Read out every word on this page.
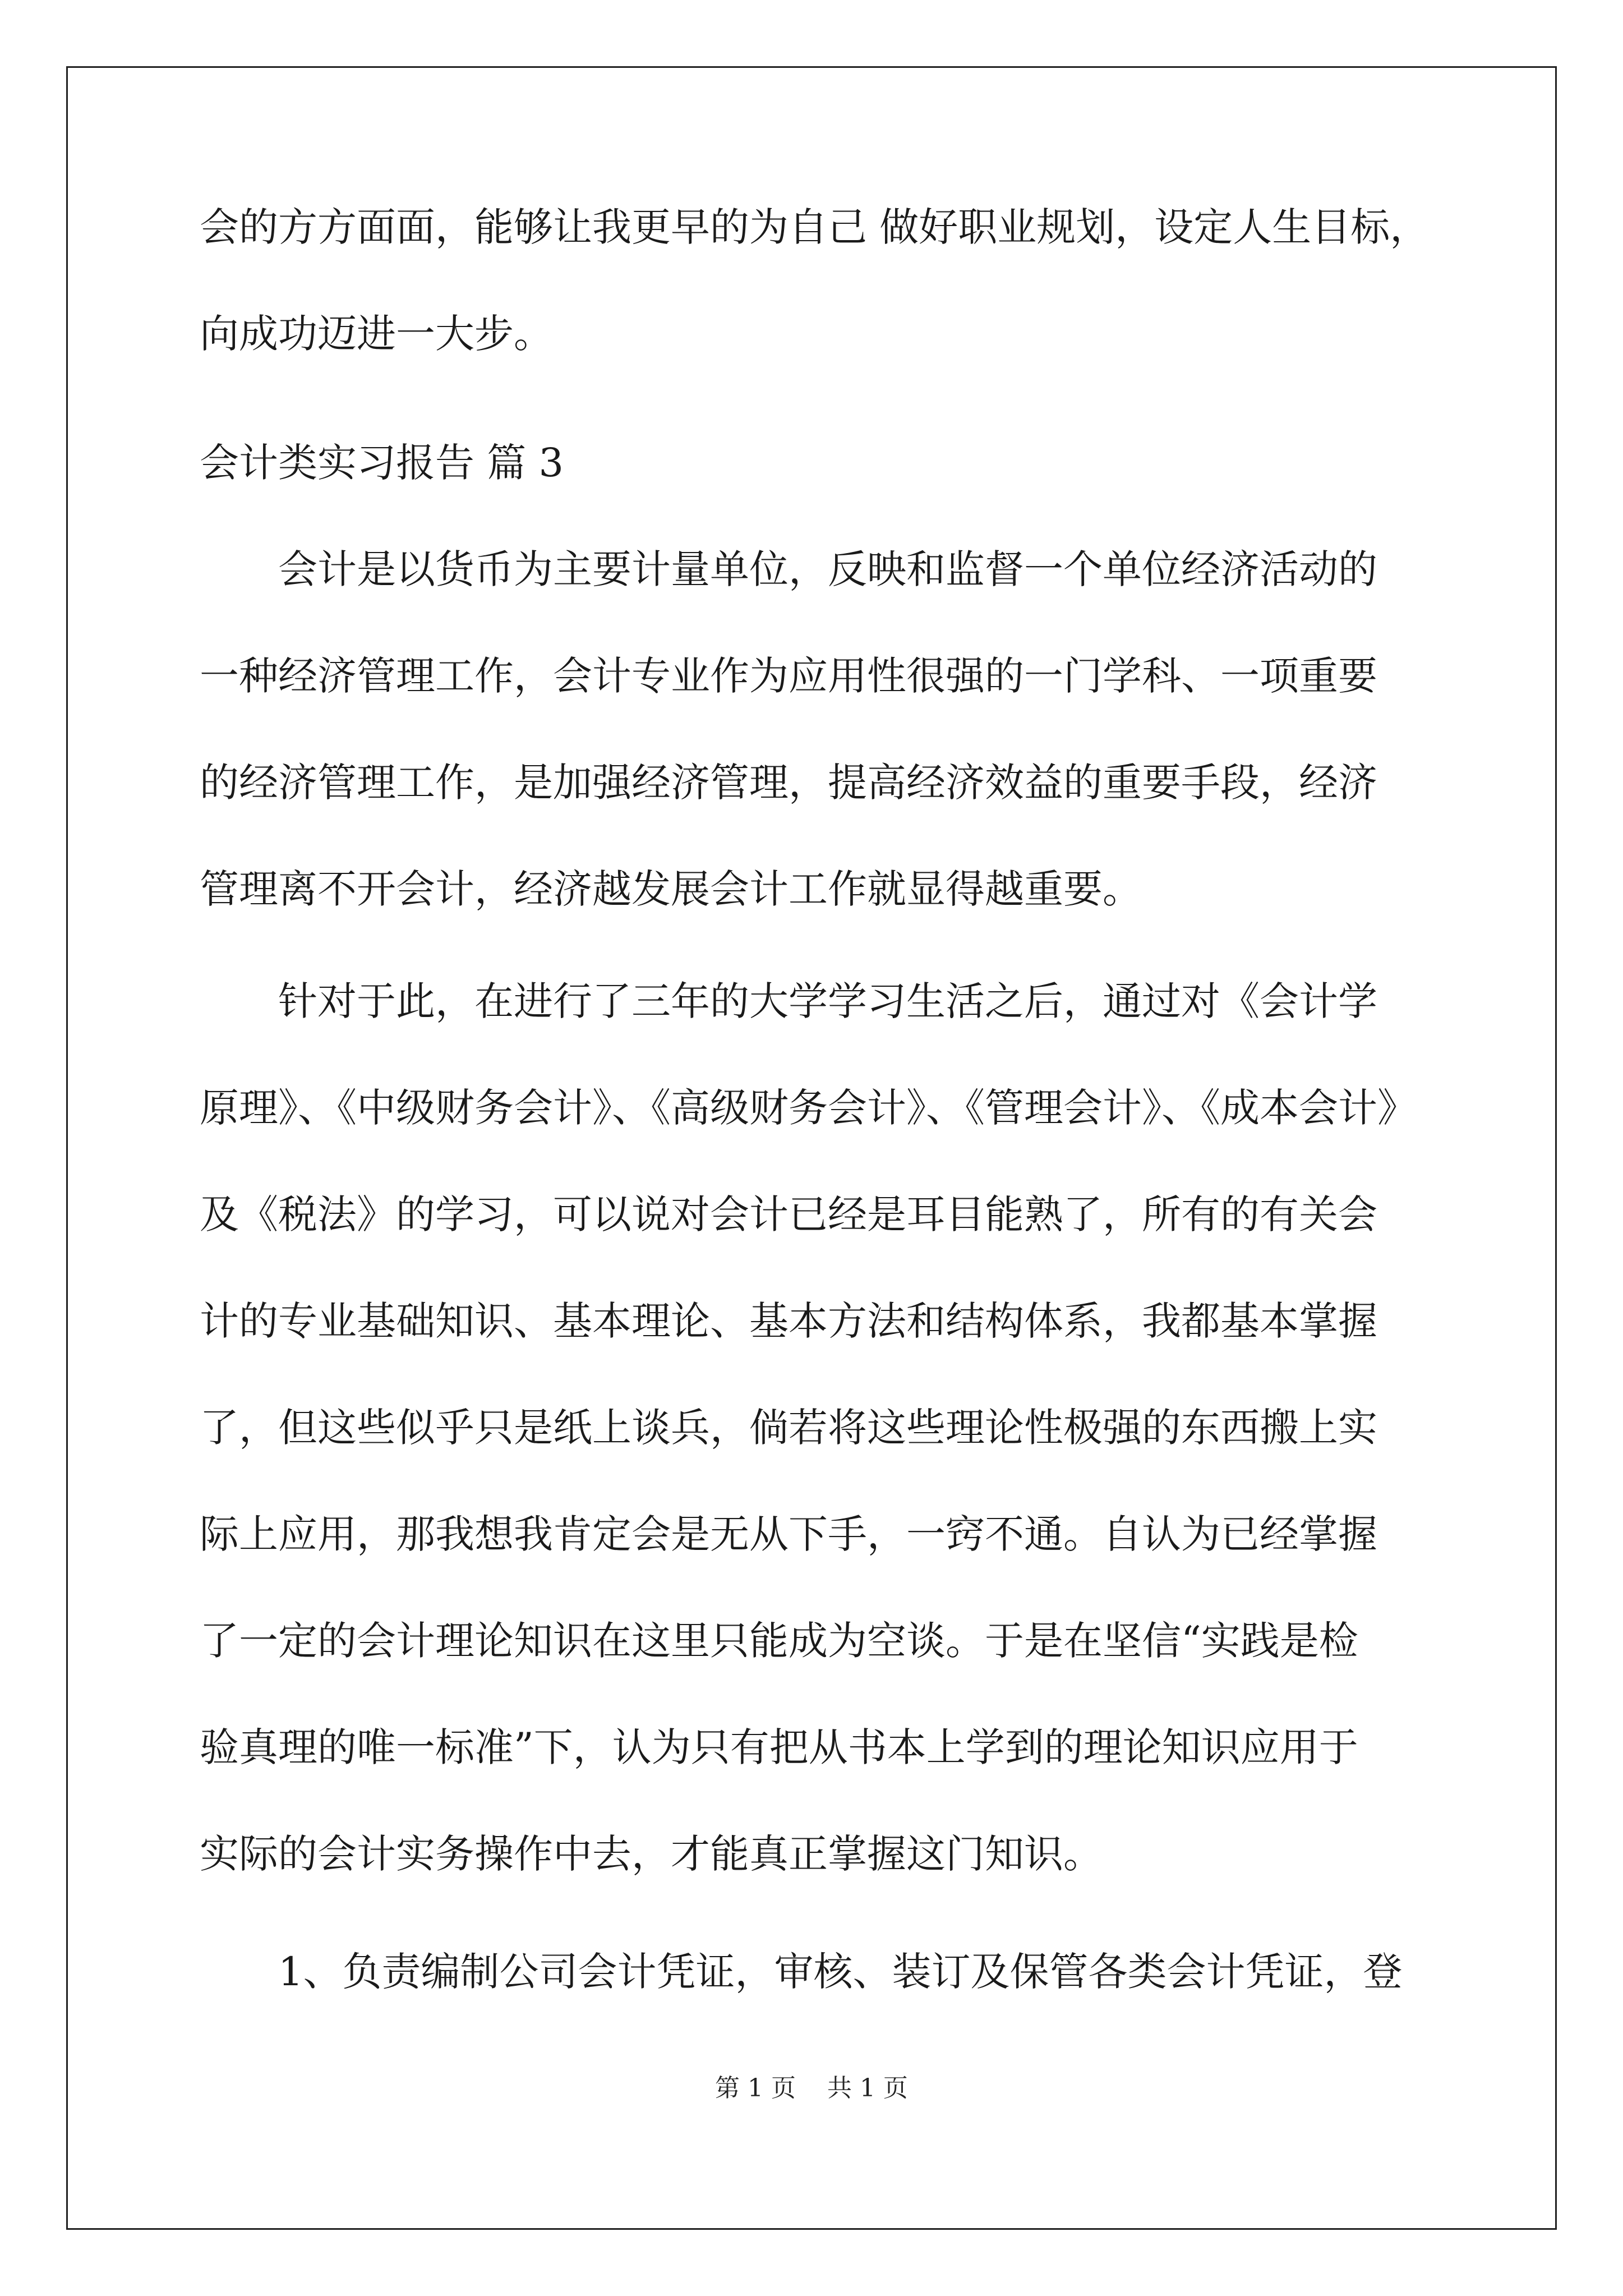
会的方方面面，能够让我更早的为自己 做好职业规划，设定人生目标，
向成功迈进一大步。
会计类实习报告 篇 3
会计是以货币为主要计量单位，反映和监督一个单位经济活动的
一种经济管理工作，会计专业作为应用性很强的一门学科、一项重要
的经济管理工作，是加强经济管理，提高经济效益的重要手段，经济
管理离不开会计，经济越发展会计工作就显得越重要。
针对于此，在进行了三年的大学学习生活之后，通过对《会计学
原理》、《中级财务会计》、《高级财务会计》、《管理会计》、《成本会计》
及《税法》的学习，可以说对会计已经是耳目能熟了，所有的有关会
计的专业基础知识、基本理论、基本方法和结构体系，我都基本掌握
了，但这些似乎只是纸上谈兵，倘若将这些理论性极强的东西搬上实
际上应用，那我想我肯定会是无从下手，一窍不通。自认为已经掌握
了一定的会计理论知识在这里只能成为空谈。于是在坚信“实践是检
验真理的唯一标准”下，认为只有把从书本上学到的理论知识应用于
实际的会计实务操作中去，才能真正掌握这门知识。
1、负责编制公司会计凭证，审核、装订及保管各类会计凭证，登
第 1 页    共 1 页
